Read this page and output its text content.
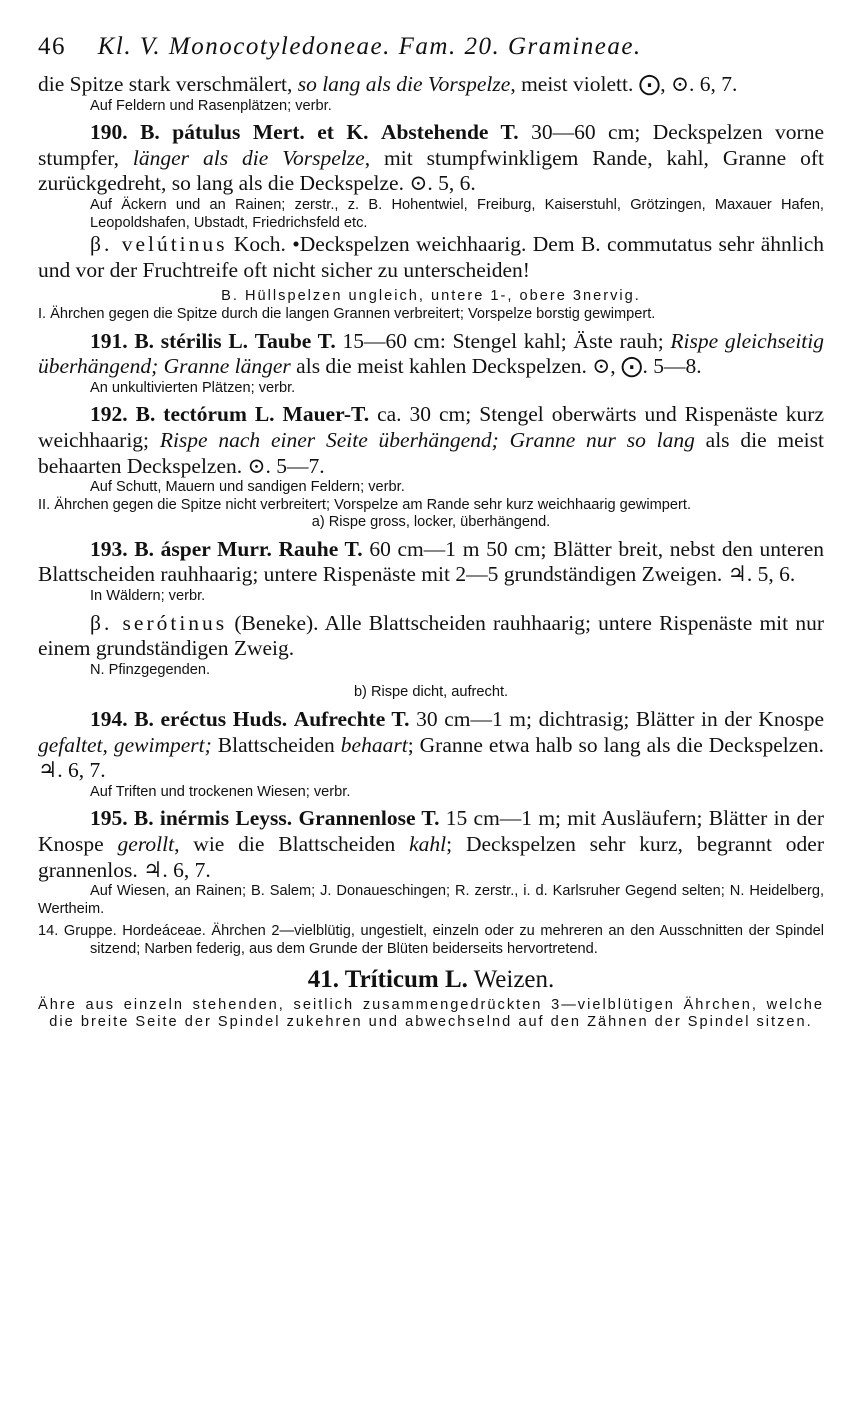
46 Kl. V. Monocotyledoneae. Fam. 20. Gramineae.
die Spitze stark verschmälert, so lang als die Vorspelze, meist violett. ⨀, ⊙. 6, 7.
Auf Feldern und Rasenplätzen; verbr.
190. B. pátulus Mert. et K. Abstehende T. 30—60 cm; Deckspelzen vorne stumpfer, länger als die Vorspelze, mit stumpfwinkligem Rande, kahl, Granne oft zurückgedreht, so lang als die Deckspelze. ⊙. 5, 6.
Auf Äckern und an Rainen; zerstr., z. B. Hohentwiel, Freiburg, Kaiserstuhl, Grötzingen, Maxauer Hafen, Leopoldshafen, Ubstadt, Friedrichsfeld etc.
β. velútinus Koch. •Deckspelzen weichhaarig. Dem B. commutatus sehr ähnlich und vor der Fruchtreife oft nicht sicher zu unterscheiden!
B. Hüllspelzen ungleich, untere 1-, obere 3nervig.
I. Ährchen gegen die Spitze durch die langen Grannen verbreitert; Vorspelze borstig gewimpert.
191. B. stérilis L. Taube T. 15—60 cm: Stengel kahl; Äste rauh; Rispe gleichseitig überhängend; Granne länger als die meist kahlen Deckspelzen. ⊙, ⨀. 5—8.
An unkultivierten Plätzen; verbr.
192. B. tectórum L. Mauer-T. ca. 30 cm; Stengel oberwärts und Rispenäste kurz weichhaarig; Rispe nach einer Seite überhängend; Granne nur so lang als die meist behaarten Deckspelzen. ⊙. 5—7.
Auf Schutt, Mauern und sandigen Feldern; verbr.
II. Ährchen gegen die Spitze nicht verbreitert; Vorspelze am Rande sehr kurz weichhaarig gewimpert.
a) Rispe gross, locker, überhängend.
193. B. ásper Murr. Rauhe T. 60 cm—1 m 50 cm; Blätter breit, nebst den unteren Blattscheiden rauhhaarig; untere Rispenäste mit 2—5 grundständigen Zweigen. ♃. 5, 6.
In Wäldern; verbr.
β. serótinus (Beneke). Alle Blattscheiden rauhhaarig; untere Rispenäste mit nur einem grundständigen Zweig.
N. Pfinzgegenden.
b) Rispe dicht, aufrecht.
194. B. eréctus Huds. Aufrechte T. 30 cm—1 m; dichtrasig; Blätter in der Knospe gefaltet, gewimpert; Blattscheiden behaart; Granne etwa halb so lang als die Deckspelzen. ♃. 6, 7.
Auf Triften und trockenen Wiesen; verbr.
195. B. inérmis Leyss. Grannenlose T. 15 cm—1 m; mit Ausläufern; Blätter in der Knospe gerollt, wie die Blattscheiden kahl; Deckspelzen sehr kurz, begrannt oder grannenlos. ♃. 6, 7.
Auf Wiesen, an Rainen; B. Salem; J. Donaueschingen; R. zerstr., i. d. Karlsruher Gegend selten; N. Heidelberg, Wertheim.
14. Gruppe. Hordeáceae. Ährchen 2—vielblütig, ungestielt, einzeln oder zu mehreren an den Ausschnitten der Spindel sitzend; Narben federig, aus dem Grunde der Blüten beiderseits hervortretend.
41. Tríticum L. Weizen.
Ähre aus einzeln stehenden, seitlich zusammengedrückten 3—vielblütigen Ährchen, welche die breite Seite der Spindel zukehren und abwechselnd auf den Zähnen der Spindel sitzen.
